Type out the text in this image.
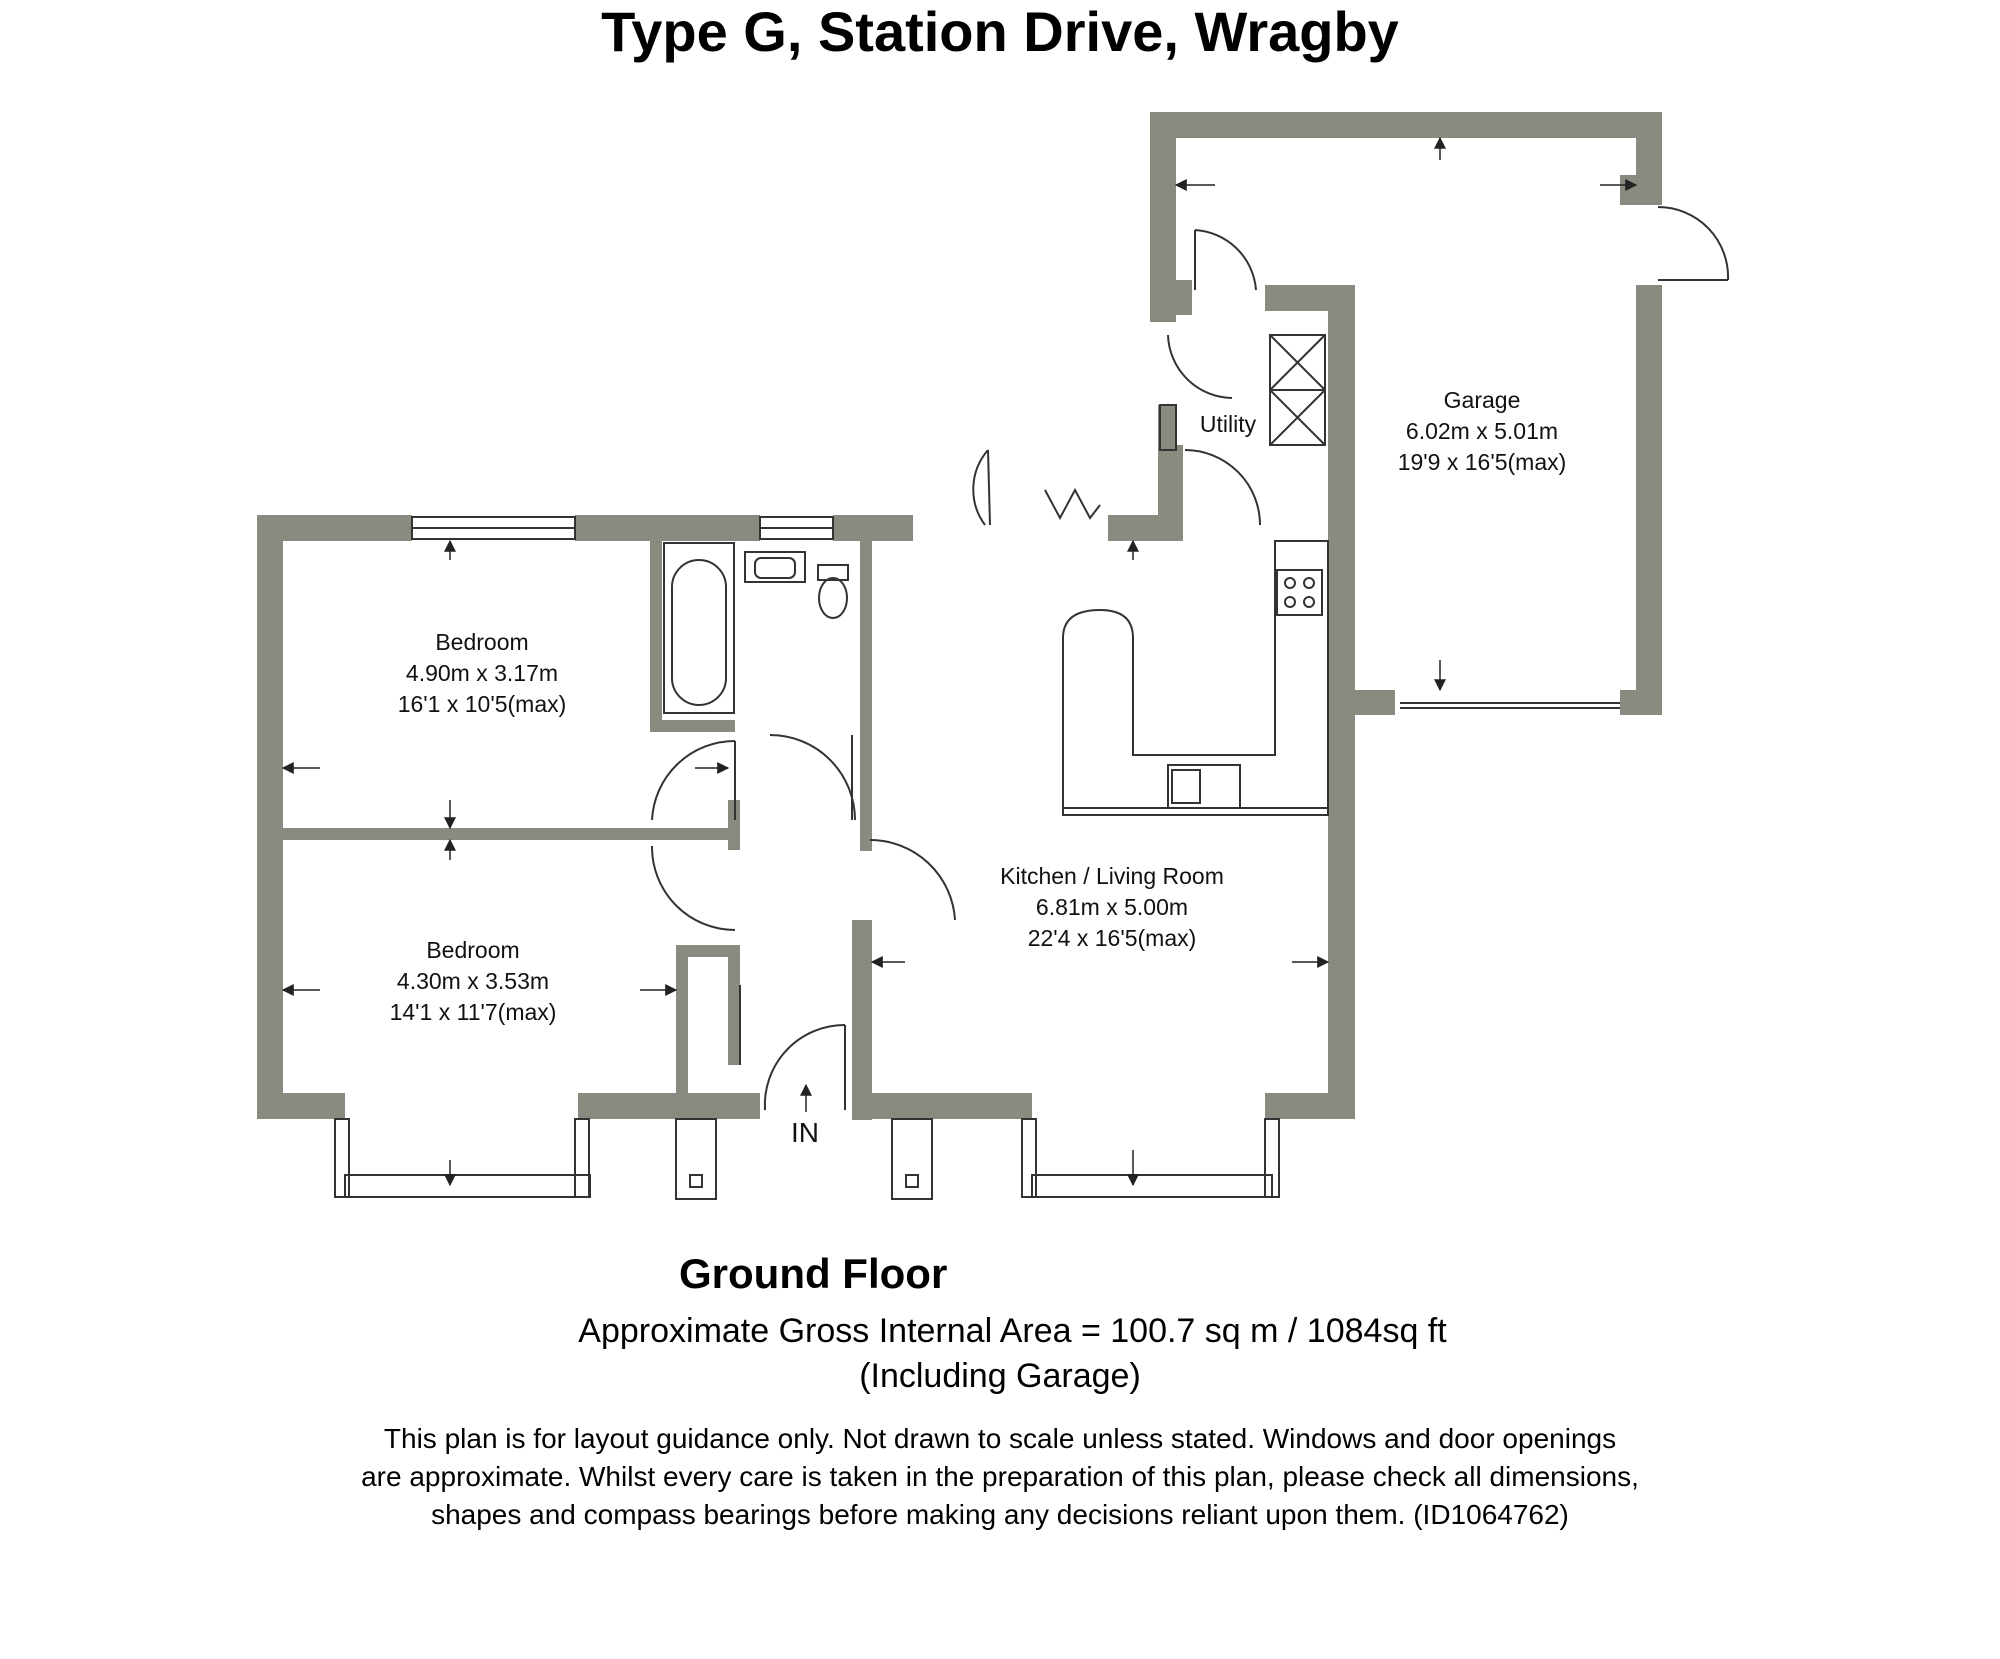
Type G, Station Drive, Wragby
Bedroom
4.90m x 3.17m
16'1 x 10'5(max)
Bedroom
4.30m x 3.53m
14'1 x 11'7(max)
Kitchen / Living Room
6.81m x 5.00m
22'4 x 16'5(max)
Garage
6.02m x 5.01m
19'9 x 16'5(max)
Utility
IN
Ground Floor
Approximate Gross Internal Area = 100.7 sq m / 1084sq ft
(Including Garage)
This plan is for layout guidance only. Not drawn to scale unless stated. Windows and door openings
are approximate. Whilst every care is taken in the preparation of this plan, please check all dimensions,
shapes and compass bearings before making any decisions reliant upon them. (ID1064762)
